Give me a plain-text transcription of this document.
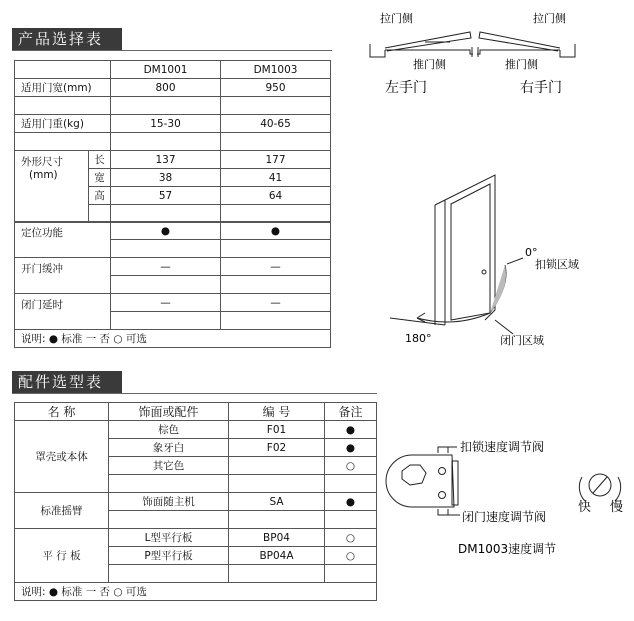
产品选择表
	DM1001	DM1003
适用门宽(mm)	800	950

适用门重(kg)	15-30	40-65

外形尺寸
(mm)	长	137	177
	宽	38	41
	高	57	64

定位功能	●	●

开门缓冲	—	—

闭门延时	—	—

说明: ● 标准 一 否 ○ 可选		
配件选型表
名 称	饰面或配件	编 号	备注
罩壳或本体	棕色	F01	●
	象牙白	F02	●
	其它色		○

标准摇臂	饰面随主机	SA	●

平 行 板	L型平行板	BP04	○
	P型平行板	BP04A	○

说明: ● 标准 一 否 ○ 可选			
拉门侧	拉门侧
推门侧	推门侧
左手门	右手门
0°
扣锁区域
180°	闭门区域
扣锁速度调节阀
闭门速度调节阀
DM1003速度调节
快 慢
